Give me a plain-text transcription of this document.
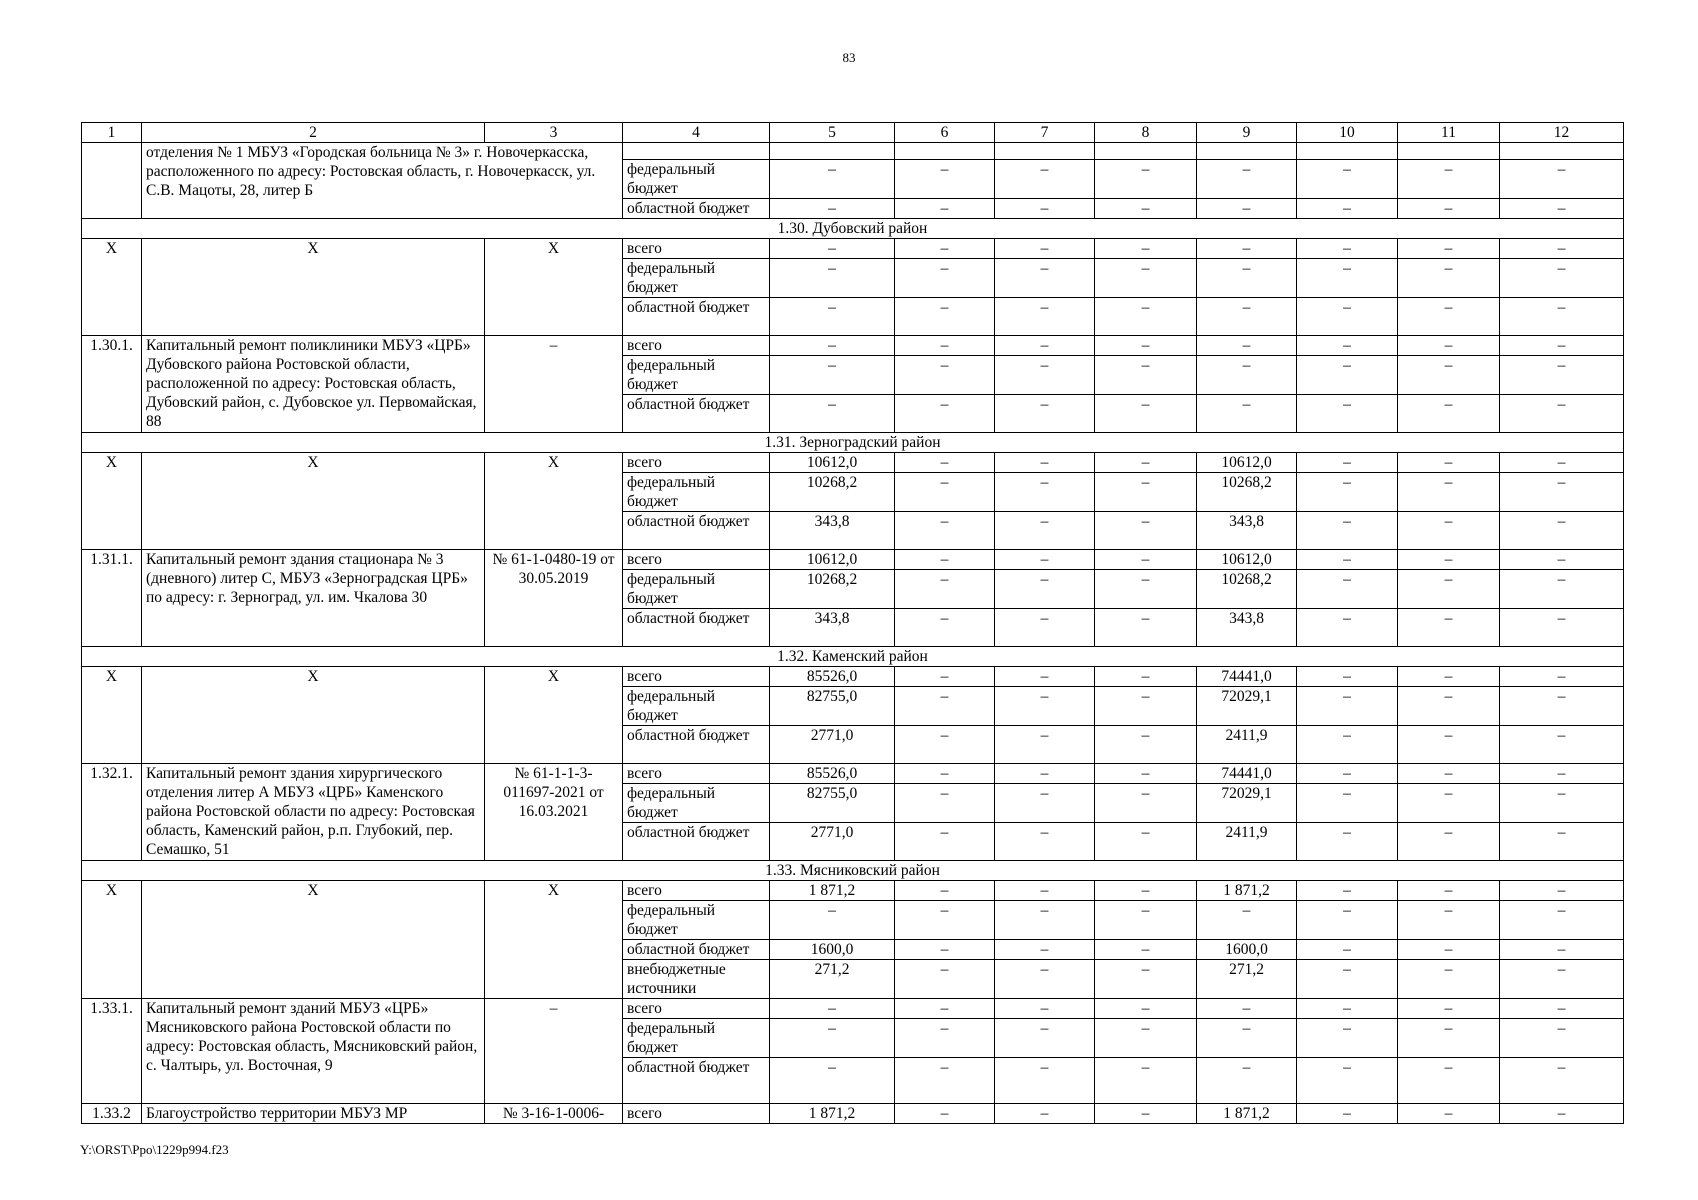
83
1	2	3	4	5	6	7	8	9	10	11	12
	отделения № 1 МБУЗ «Городская больница № 3» г. Новочеркасска, расположенного по адресу: Ростовская область, г. Новочеркасск, ул. С.В. Мацоты, 28, литер Б										
			федеральный бюджет	–	–	–	–	–	–	–	–
			областной бюджет	–	–	–	–	–	–	–	–
1.30. Дубовский район											
Х	Х	Х	всего	–	–	–	–	–	–	–	–
			федеральный бюджет	–	–	–	–	–	–	–	–
			областной бюджет	–	–	–	–	–	–	–	–
1.30.1.	Капитальный ремонт поликлиники МБУЗ «ЦРБ» Дубовского района Ростовской области, расположенной по адресу: Ростовская область, Дубовский район, с. Дубовское ул. Первомайская, 88	–	всего	–	–	–	–	–	–	–	–
			федеральный бюджет	–	–	–	–	–	–	–	–
			областной бюджет	–	–	–	–	–	–	–	–
1.31. Зерноградский район											
Х	Х	Х	всего	10612,0	–	–	–	10612,0	–	–	–
			федеральный бюджет	10268,2	–	–	–	10268,2	–	–	–
			областной бюджет	343,8	–	–	–	343,8	–	–	–
1.31.1.	Капитальный ремонт здания стационара № 3 (дневного) литер С, МБУЗ «Зерноградская ЦРБ» по адресу: г. Зерноград, ул. им. Чкалова 30	№ 61-1-0480-19 от 30.05.2019	всего	10612,0	–	–	–	10612,0	–	–	–
			федеральный бюджет	10268,2	–	–	–	10268,2	–	–	–
			областной бюджет	343,8	–	–	–	343,8	–	–	–
1.32. Каменский район											
Х	Х	Х	всего	85526,0	–	–	–	74441,0	–	–	–
			федеральный бюджет	82755,0	–	–	–	72029,1	–	–	–
			областной бюджет	2771,0	–	–	–	2411,9	–	–	–
1.32.1.	Капитальный ремонт здания хирургического отделения литер А МБУЗ «ЦРБ» Каменского района Ростовской области по адресу: Ростовская область, Каменский район, р.п. Глубокий, пер. Семашко, 51	№ 61-1-1-3-011697-2021 от 16.03.2021	всего	85526,0	–	–	–	74441,0	–	–	–
			федеральный бюджет	82755,0	–	–	–	72029,1	–	–	–
			областной бюджет	2771,0	–	–	–	2411,9	–	–	–
1.33. Мясниковский район											
Х	Х	Х	всего	1 871,2	–	–	–	1 871,2	–	–	–
			федеральный бюджет	–	–	–	–	–	–	–	–
			областной бюджет	1600,0	–	–	–	1600,0	–	–	–
			внебюджетные источники	271,2	–	–	–	271,2	–	–	–
1.33.1.	Капитальный ремонт зданий МБУЗ «ЦРБ» Мясниковского района Ростовской области по адресу: Ростовская область, Мясниковский район, с. Чалтырь, ул. Восточная, 9	–	всего	–	–	–	–	–	–	–	–
			федеральный бюджет	–	–	–	–	–	–	–	–
			областной бюджет	–	–	–	–	–	–	–	–
1.33.2	Благоустройство территории МБУЗ МР	№ 3-16-1-0006-	всего	1 871,2	–	–	–	1 871,2	–	–	–
Y:\ORST\Ppo\1229p994.f23
